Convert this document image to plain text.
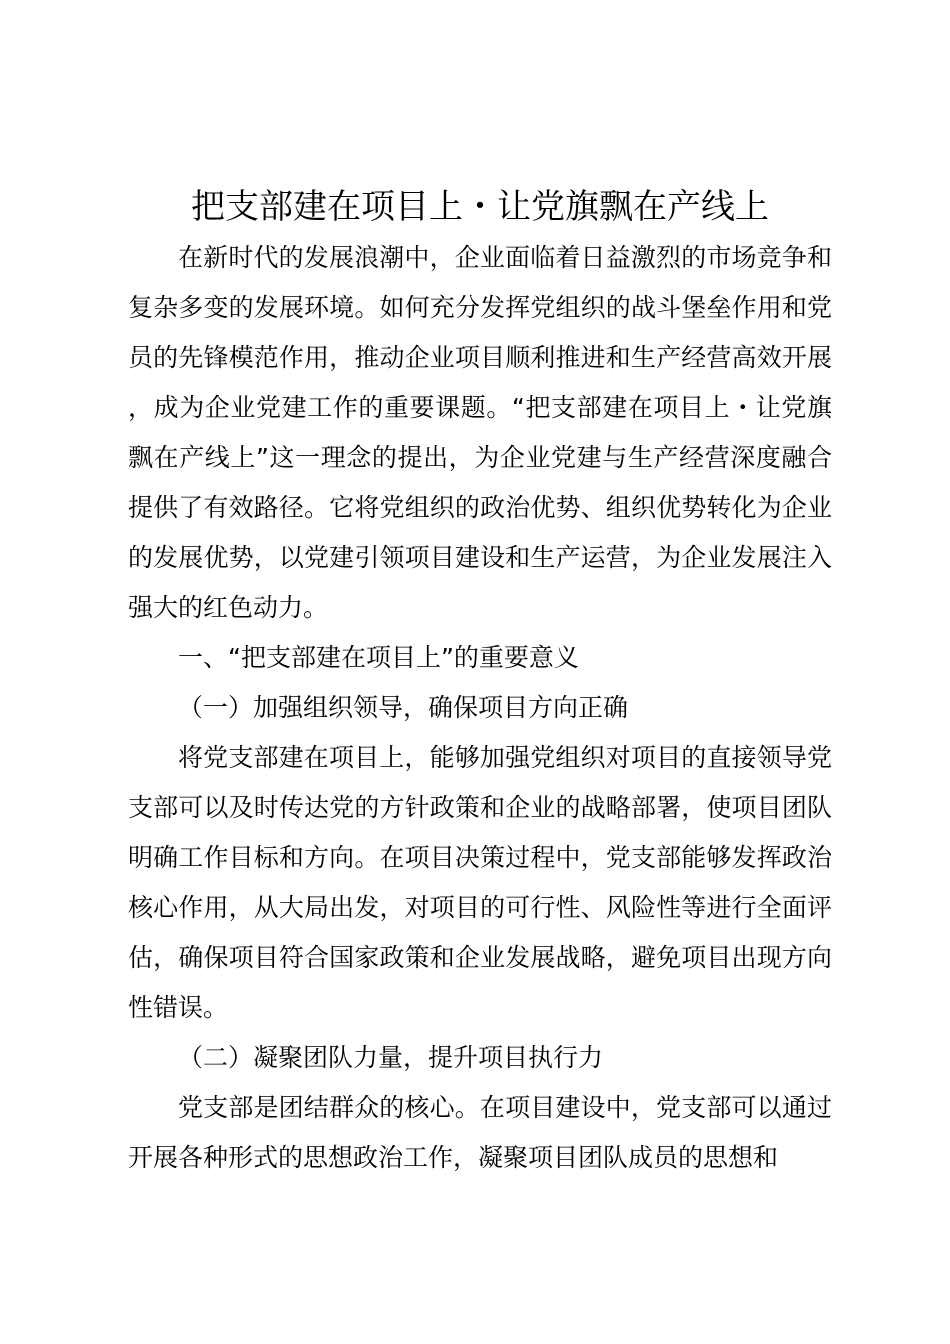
把支部建在项目上・让党旗飘在产线上

在新时代的发展浪潮中，企业面临着日益激烈的市场竞争和复杂多变的发展环境。如何充分发挥党组织的战斗堡垒作用和党员的先锋模范作用，推动企业项目顺利推进和生产经营高效开展，成为企业党建工作的重要课题。“把支部建在项目上・让党旗飘在产线上”这一理念的提出，为企业党建与生产经营深度融合提供了有效路径。它将党组织的政治优势、组织优势转化为企业的发展优势，以党建引领项目建设和生产运营，为企业发展注入强大的红色动力。

一、“把支部建在项目上”的重要意义

（一）加强组织领导，确保项目方向正确

将党支部建在项目上，能够加强党组织对项目的直接领导党支部可以及时传达党的方针政策和企业的战略部署，使项目团队明确工作目标和方向。在项目决策过程中，党支部能够发挥政治核心作用，从大局出发，对项目的可行性、风险性等进行全面评估，确保项目符合国家政策和企业发展战略，避免项目出现方向性错误。

（二）凝聚团队力量，提升项目执行力

党支部是团结群众的核心。在项目建设中，党支部可以通过开展各种形式的思想政治工作，凝聚项目团队成员的思想和
